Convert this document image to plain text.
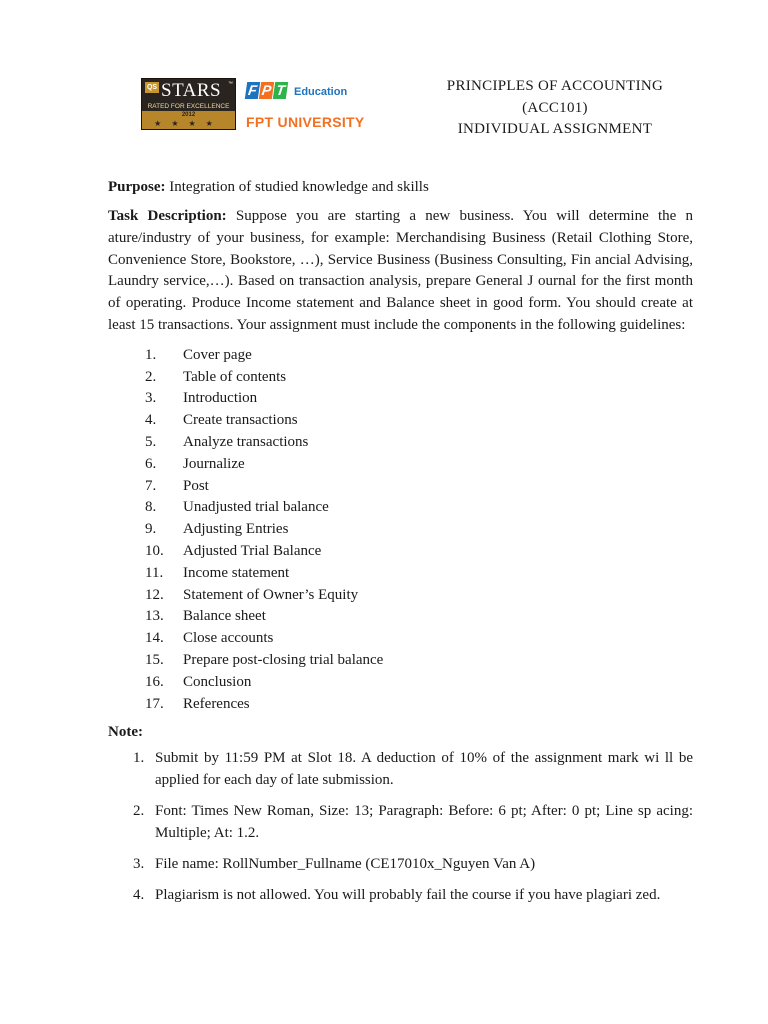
QS STARS ™
RATED FOR EXCELLENCE
2012
★★★★
F P T Education
FPT UNIVERSITY
PRINCIPLES OF ACCOUNTING
(ACC101)
INDIVIDUAL ASSIGNMENT

Purpose: Integration of studied knowledge and skills

Task Description: Suppose you are starting a new business. You will determine the n ature/industry of your business, for example: Merchandising Business (Retail Clothing Store, Convenience Store, Bookstore, …), Service Business (Business Consulting, Fin ancial Advising, Laundry service,…). Based on transaction analysis, prepare General J ournal for the first month of operating. Produce Income statement and Balance sheet in good form. You should create at least 15 transactions. Your assignment must include the components in the following guidelines:

1. Cover page
2. Table of contents
3. Introduction
4. Create transactions
5. Analyze transactions
6. Journalize
7. Post
8. Unadjusted trial balance
9. Adjusting Entries
10. Adjusted Trial Balance
11. Income statement
12. Statement of Owner’s Equity
13. Balance sheet
14. Close accounts
15. Prepare post-closing trial balance
16. Conclusion
17. References

Note:

1. Submit by 11:59 PM at Slot 18. A deduction of 10% of the assignment mark wi ll be applied for each day of late submission.
2. Font: Times New Roman, Size: 13; Paragraph: Before: 6 pt; After: 0 pt; Line sp acing: Multiple; At: 1.2.
3. File name: RollNumber_Fullname (CE17010x_Nguyen Van A)
4. Plagiarism is not allowed. You will probably fail the course if you have plagiari zed.
